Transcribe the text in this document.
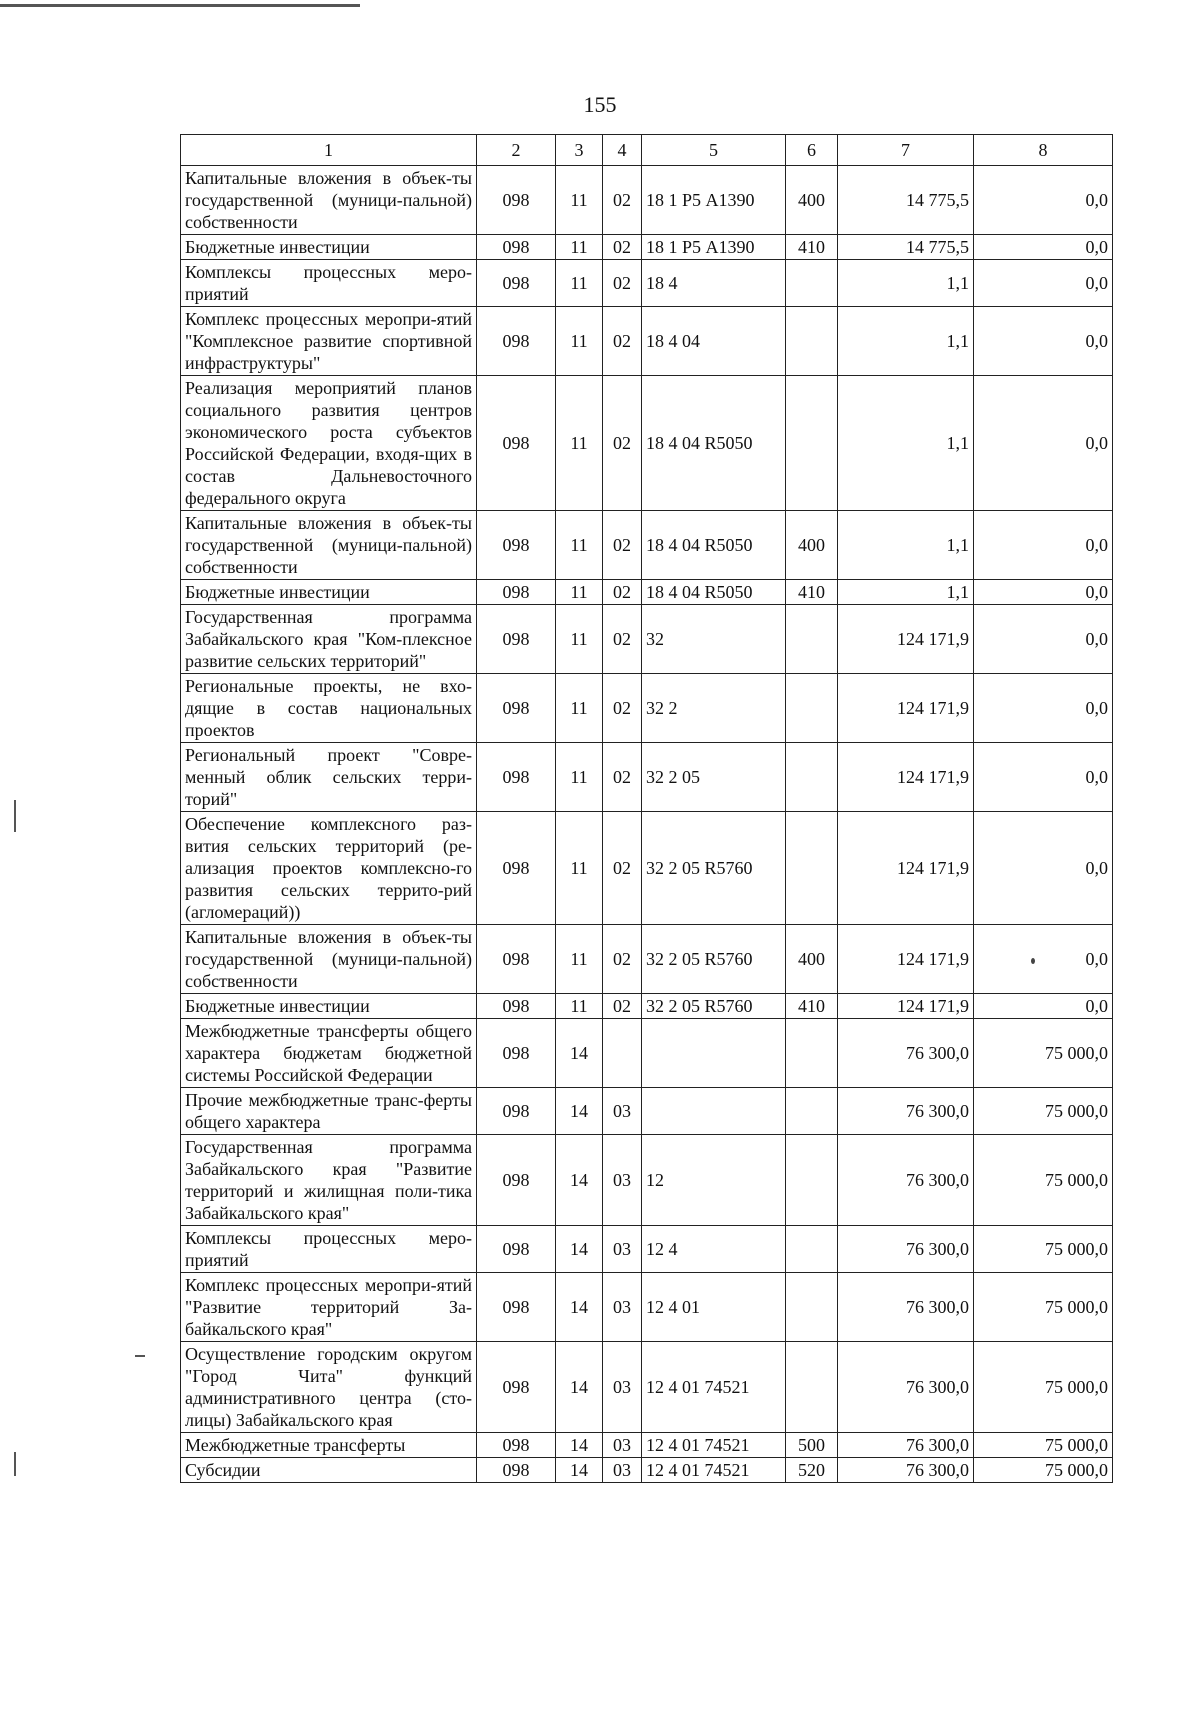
155
1	2	3	4	5	6	7	8
Капитальные вложения в объек-ты государственной (муници-пальной) собственности	098	11	02	18 1 Р5 А1390	400	14 775,5	0,0
Бюджетные инвестиции	098	11	02	18 1 Р5 А1390	410	14 775,5	0,0
Комплексы процессных меро-приятий	098	11	02	18 4		1,1	0,0
Комплекс процессных меропри-ятий "Комплексное развитие спортивной инфраструктуры"	098	11	02	18 4 04		1,1	0,0
Реализация мероприятий планов социального развития центров экономического роста субъектов Российской Федерации, входя-щих в состав Дальневосточного федерального округа	098	11	02	18 4 04 R5050		1,1	0,0
Капитальные вложения в объек-ты государственной (муници-пальной) собственности	098	11	02	18 4 04 R5050	400	1,1	0,0
Бюджетные инвестиции	098	11	02	18 4 04 R5050	410	1,1	0,0
Государственная программа Забайкальского края "Ком-плексное развитие сельских территорий"	098	11	02	32		124 171,9	0,0
Региональные проекты, не вхо-дящие в состав национальных проектов	098	11	02	32 2		124 171,9	0,0
Региональный проект "Совре-менный облик сельских терри-торий"	098	11	02	32 2 05		124 171,9	0,0
Обеспечение комплексного раз-вития сельских территорий (ре-ализация проектов комплексно-го развития сельских террито-рий (агломераций))	098	11	02	32 2 05 R5760		124 171,9	0,0
Капитальные вложения в объек-ты государственной (муници-пальной) собственности	098	11	02	32 2 05 R5760	400	124 171,9	0,0
Бюджетные инвестиции	098	11	02	32 2 05 R5760	410	124 171,9	0,0
Межбюджетные трансферты общего характера бюджетам бюджетной системы Российской Федерации	098	14				76 300,0	75 000,0
Прочие межбюджетные транс-ферты общего характера	098	14	03			76 300,0	75 000,0
Государственная программа Забайкальского края "Развитие территорий и жилищная поли-тика Забайкальского края"	098	14	03	12		76 300,0	75 000,0
Комплексы процессных меро-приятий	098	14	03	12 4		76 300,0	75 000,0
Комплекс процессных меропри-ятий "Развитие территорий За-байкальского края"	098	14	03	12 4 01		76 300,0	75 000,0
Осуществление городским округом "Город Чита" функций административного центра (сто-лицы) Забайкальского края	098	14	03	12 4 01 74521		76 300,0	75 000,0
Межбюджетные трансферты	098	14	03	12 4 01 74521	500	76 300,0	75 000,0
Субсидии	098	14	03	12 4 01 74521	520	76 300,0	75 000,0
